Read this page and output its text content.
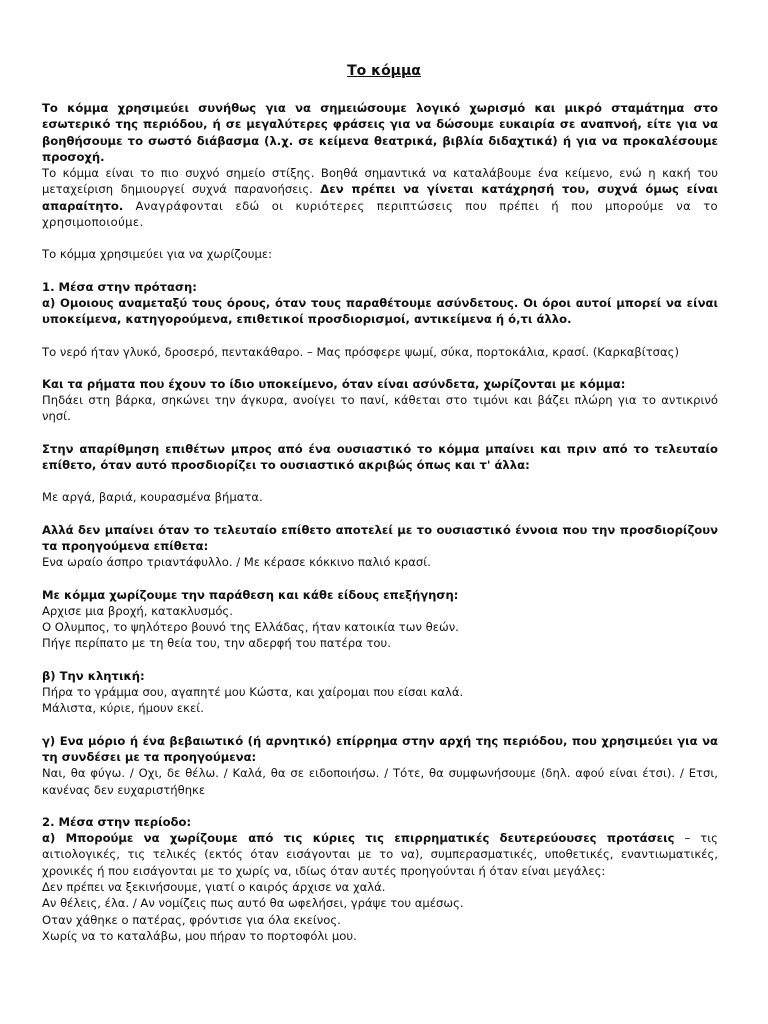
Το κόμμα

Το κόμμα χρησιμεύει συνήθως για να σημειώσουμε λογικό χωρισμό και μικρό σταμάτημα στο εσωτερικό της περιόδου, ή σε μεγαλύτερες φράσεις για να δώσουμε ευκαιρία σε αναπνοή, είτε για να βοηθήσουμε το σωστό διάβασμα (λ.χ. σε κείμενα θεατρικά, βιβλία διδαχτικά) ή για να προκαλέσουμε προσοχή.

Το κόμμα είναι το πιο συχνό σημείο στίξης. Βοηθά σημαντικά να καταλάβουμε ένα κείμενο, ενώ η κακή του μεταχείριση δημιουργεί συχνά παρανοήσεις. Δεν πρέπει να γίνεται κατάχρησή του, συχνά όμως είναι απαραίτητο. Αναγράφονται εδώ οι κυριότερες περιπτώσεις που πρέπει ή που μπορούμε να το χρησιμοποιούμε.

Το κόμμα χρησιμεύει για να χωρίζουμε:

1. Μέσα στην πρόταση:

α) Ομοιους αναμεταξύ τους όρους, όταν τους παραθέτουμε ασύνδετους. Οι όροι αυτοί μπορεί να είναι υποκείμενα, κατηγορούμενα, επιθετικοί προσδιορισμοί, αντικείμενα ή ό,τι άλλο.

Το νερό ήταν γλυκό, δροσερό, πεντακάθαρο. – Μας πρόσφερε ψωμί, σύκα, πορτοκάλια, κρασί. (Καρκαβίτσας)

Και τα ρήματα που έχουν το ίδιο υποκείμενο, όταν είναι ασύνδετα, χωρίζονται με κόμμα:

Πηδάει στη βάρκα, σηκώνει την άγκυρα, ανοίγει το πανί, κάθεται στο τιμόνι και βάζει πλώρη για το αντικρινό νησί.

Στην απαρίθμηση επιθέτων μπρος από ένα ουσιαστικό το κόμμα μπαίνει και πριν από το τελευταίο επίθετο, όταν αυτό προσδιορίζει το ουσιαστικό ακριβώς όπως και τ' άλλα:

Με αργά, βαριά, κουρασμένα βήματα.

Αλλά δεν μπαίνει όταν το τελευταίο επίθετο αποτελεί με το ουσιαστικό έννοια που την προσδιορίζουν τα προηγούμενα επίθετα:

Ενα ωραίο άσπρο τριαντάφυλλο. / Με κέρασε κόκκινο παλιό κρασί.

Με κόμμα χωρίζουμε την παράθεση και κάθε είδους επεξήγηση:

Αρχισε μια βροχή, κατακλυσμός.

Ο Ολυμπος, το ψηλότερο βουνό της Ελλάδας, ήταν κατοικία των θεών.

Πήγε περίπατο με τη θεία του, την αδερφή του πατέρα του.

β) Την κλητική:

Πήρα το γράμμα σου, αγαπητέ μου Κώστα, και χαίρομαι που είσαι καλά.

Μάλιστα, κύριε, ήμουν εκεί.

γ) Ενα μόριο ή ένα βεβαιωτικό (ή αρνητικό) επίρρημα στην αρχή της περιόδου, που χρησιμεύει για να τη συνδέσει με τα προηγούμενα:

Ναι, θα φύγω. / Οχι, δε θέλω. / Καλά, θα σε ειδοποιήσω. / Τότε, θα συμφωνήσουμε (δηλ. αφού είναι έτσι). / Ετσι, κανένας δεν ευχαριστήθηκε

2. Μέσα στην περίοδο:

α) Μπορούμε να χωρίζουμε από τις κύριες τις επιρρηματικές δευτερεύουσες προτάσεις – τις αιτιολογικές, τις τελικές (εκτός όταν εισάγονται με το να), συμπερασματικές, υποθετικές, εναντιωματικές, χρονικές ή που εισάγονται με το χωρίς να, ιδίως όταν αυτές προηγούνται ή όταν είναι μεγάλες:

Δεν πρέπει να ξεκινήσουμε, γιατί ο καιρός άρχισε να χαλά.

Αν θέλεις, έλα. / Αν νομίζεις πως αυτό θα ωφελήσει, γράψε του αμέσως.

Οταν χάθηκε ο πατέρας, φρόντισε για όλα εκείνος.

Χωρίς να το καταλάβω, μου πήραν το πορτοφόλι μου.
